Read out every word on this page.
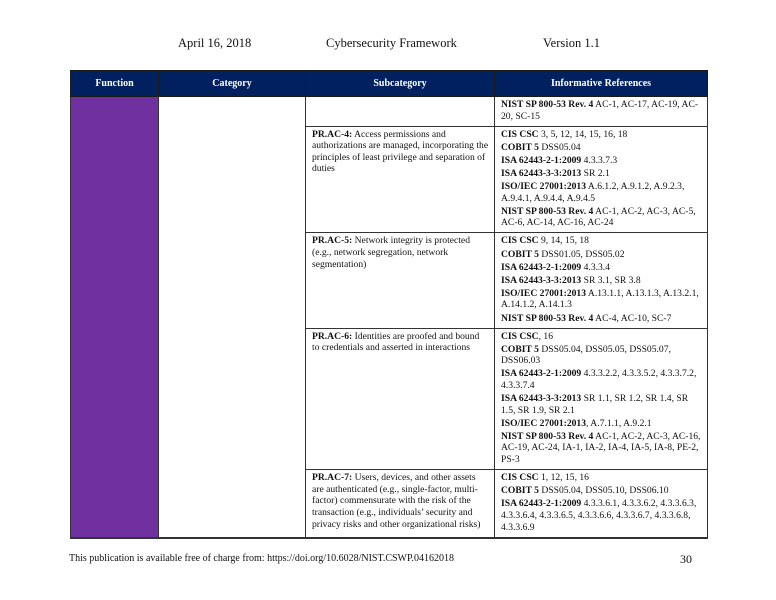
April 16, 2018	Cybersecurity Framework	Version 1.1
Function	Category	Subcategory	Informative References

			NIST SP 800-53 Rev. 4 AC-1, AC-17, AC-19, AC-20, SC-15

PR.AC-4: Access permissions and authorizations are managed, incorporating the principles of least privilege and separation of duties	
CIS CSC 3, 5, 12, 14, 15, 16, 18
COBIT 5 DSS05.04
ISA 62443-2-1:2009 4.3.3.7.3
ISA 62443-3-3:2013 SR 2.1
ISO/IEC 27001:2013 A.6.1.2, A.9.1.2, A.9.2.3, A.9.4.1, A.9.4.4, A.9.4.5
NIST SP 800-53 Rev. 4 AC-1, AC-2, AC-3, AC-5, AC-6, AC-14, AC-16, AC-24

PR.AC-5: Network integrity is protected (e.g., network segregation, network segmentation)	
CIS CSC 9, 14, 15, 18
COBIT 5 DSS01.05, DSS05.02
ISA 62443-2-1:2009 4.3.3.4
ISA 62443-3-3:2013 SR 3.1, SR 3.8
ISO/IEC 27001:2013 A.13.1.1, A.13.1.3, A.13.2.1, A.14.1.2, A.14.1.3
NIST SP 800-53 Rev. 4 AC-4, AC-10, SC-7

PR.AC-6: Identities are proofed and bound to credentials and asserted in interactions	
CIS CSC, 16
COBIT 5 DSS05.04, DSS05.05, DSS05.07, DSS06.03
ISA 62443-2-1:2009 4.3.3.2.2, 4.3.3.5.2, 4.3.3.7.2, 4.3.3.7.4
ISA 62443-3-3:2013 SR 1.1, SR 1.2, SR 1.4, SR 1.5, SR 1.9, SR 2.1
ISO/IEC 27001:2013, A.7.1.1, A.9.2.1
NIST SP 800-53 Rev. 4 AC-1, AC-2, AC-3, AC-16, AC-19, AC-24, IA-1, IA-2, IA-4, IA-5, IA-8, PE-2, PS-3

PR.AC-7: Users, devices, and other assets are authenticated (e.g., single-factor, multi-factor) commensurate with the risk of the transaction (e.g., individuals’ security and privacy risks and other organizational risks)	
CIS CSC 1, 12, 15, 16
COBIT 5 DSS05.04, DSS05.10, DSS06.10
ISA 62443-2-1:2009 4.3.3.6.1, 4.3.3.6.2, 4.3.3.6.3, 4.3.3.6.4, 4.3.3.6.5, 4.3.3.6.6, 4.3.3.6.7, 4.3.3.6.8, 4.3.3.6.9
This publication is available free of charge from: https://doi.org/10.6028/NIST.CSWP.04162018	30
